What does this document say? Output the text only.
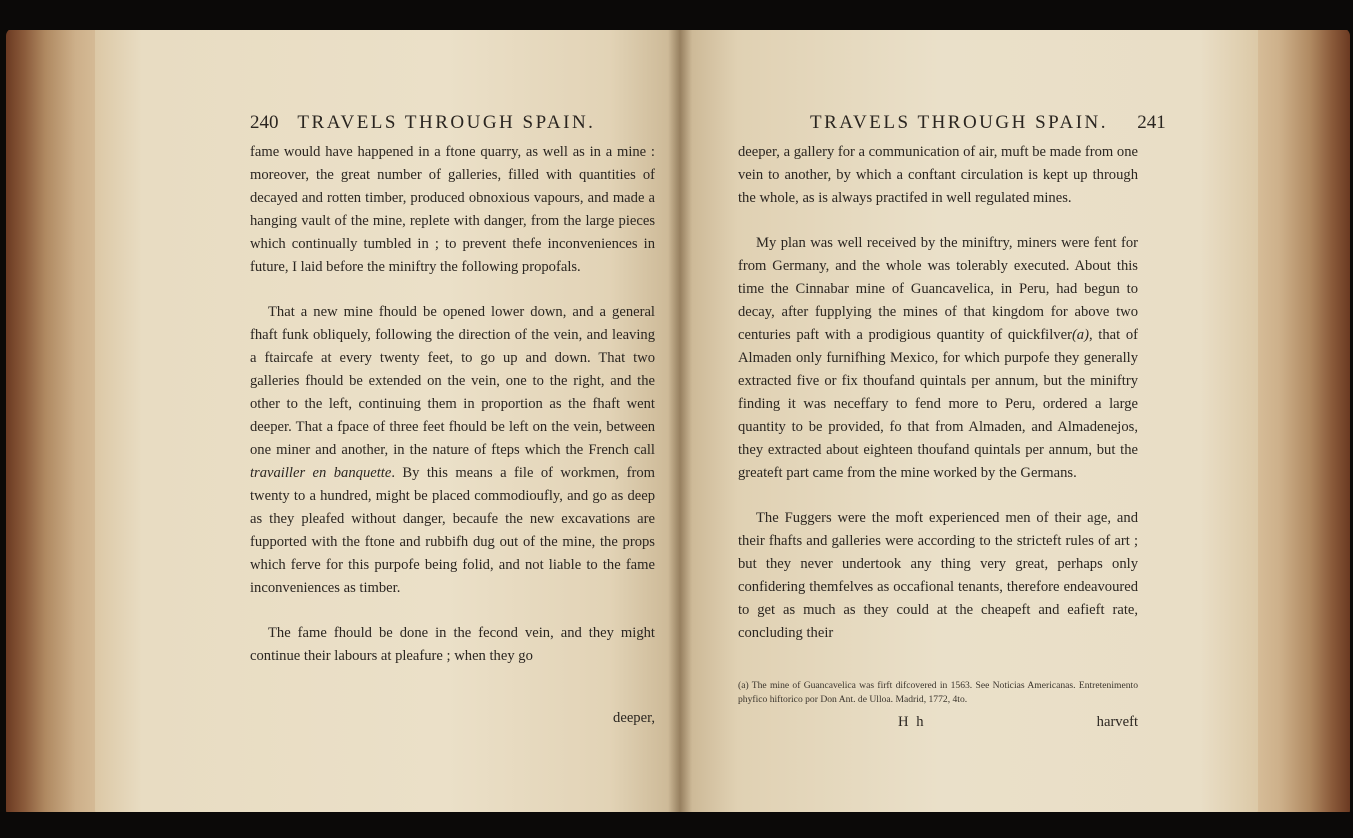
240 TRAVELS THROUGH SPAIN.

fame would have happened in a ftone quarry, as well as in a mine : moreover, the great number of galleries, filled with quantities of decayed and rotten timber, produced obnoxious vapours, and made a hanging vault of the mine, replete with danger, from the large pieces which continually tumbled in ; to prevent thefe inconveniences in future, I laid before the miniftry the following propofals.

That a new mine fhould be opened lower down, and a general fhaft funk obliquely, following the direction of the vein, and leaving a ftaircafe at every twenty feet, to go up and down. That two galleries fhould be extended on the vein, one to the right, and the other to the left, continuing them in proportion as the fhaft went deeper. That a fpace of three feet fhould be left on the vein, between one miner and another, in the nature of fteps which the French call travailler en banquette. By this means a file of workmen, from twenty to a hundred, might be placed commodioufly, and go as deep as they pleafed without danger, becaufe the new excavations are fupported with the ftone and rubbifh dug out of the mine, the props which ferve for this purpofe being folid, and not liable to the fame inconveniences as timber.

The fame fhould be done in the fecond vein, and they might continue their labours at pleafure ; when they go

deeper,
TRAVELS THROUGH SPAIN. 241

deeper, a gallery for a communication of air, muft be made from one vein to another, by which a conftant circulation is kept up through the whole, as is always practifed in well regulated mines.

My plan was well received by the miniftry, miners were fent for from Germany, and the whole was tolerably executed. About this time the Cinnabar mine of Guancavelica, in Peru, had begun to decay, after fupplying the mines of that kingdom for above two centuries paft with a prodigious quantity of quickfilver(a), that of Almaden only furnifhing Mexico, for which purpofe they generally extracted five or fix thoufand quintals per annum, but the miniftry finding it was neceffary to fend more to Peru, ordered a large quantity to be provided, fo that from Almaden, and Almadenejos, they extracted about eighteen thoufand quintals per annum, but the greateft part came from the mine worked by the Germans.

The Fuggers were the moft experienced men of their age, and their fhafts and galleries were according to the stricteft rules of art ; but they never undertook any thing very great, perhaps only confidering themfelves as occafional tenants, therefore endeavoured to get as much as they could at the cheapeft and eafieft rate, concluding their

(a) The mine of Guancavelica was firft difcovered in 1563. See Noticias Americanas. Entretenimento phyfico hiftorico por Don Ant. de Ulloa. Madrid, 1772, 4to.
H h	harveft
